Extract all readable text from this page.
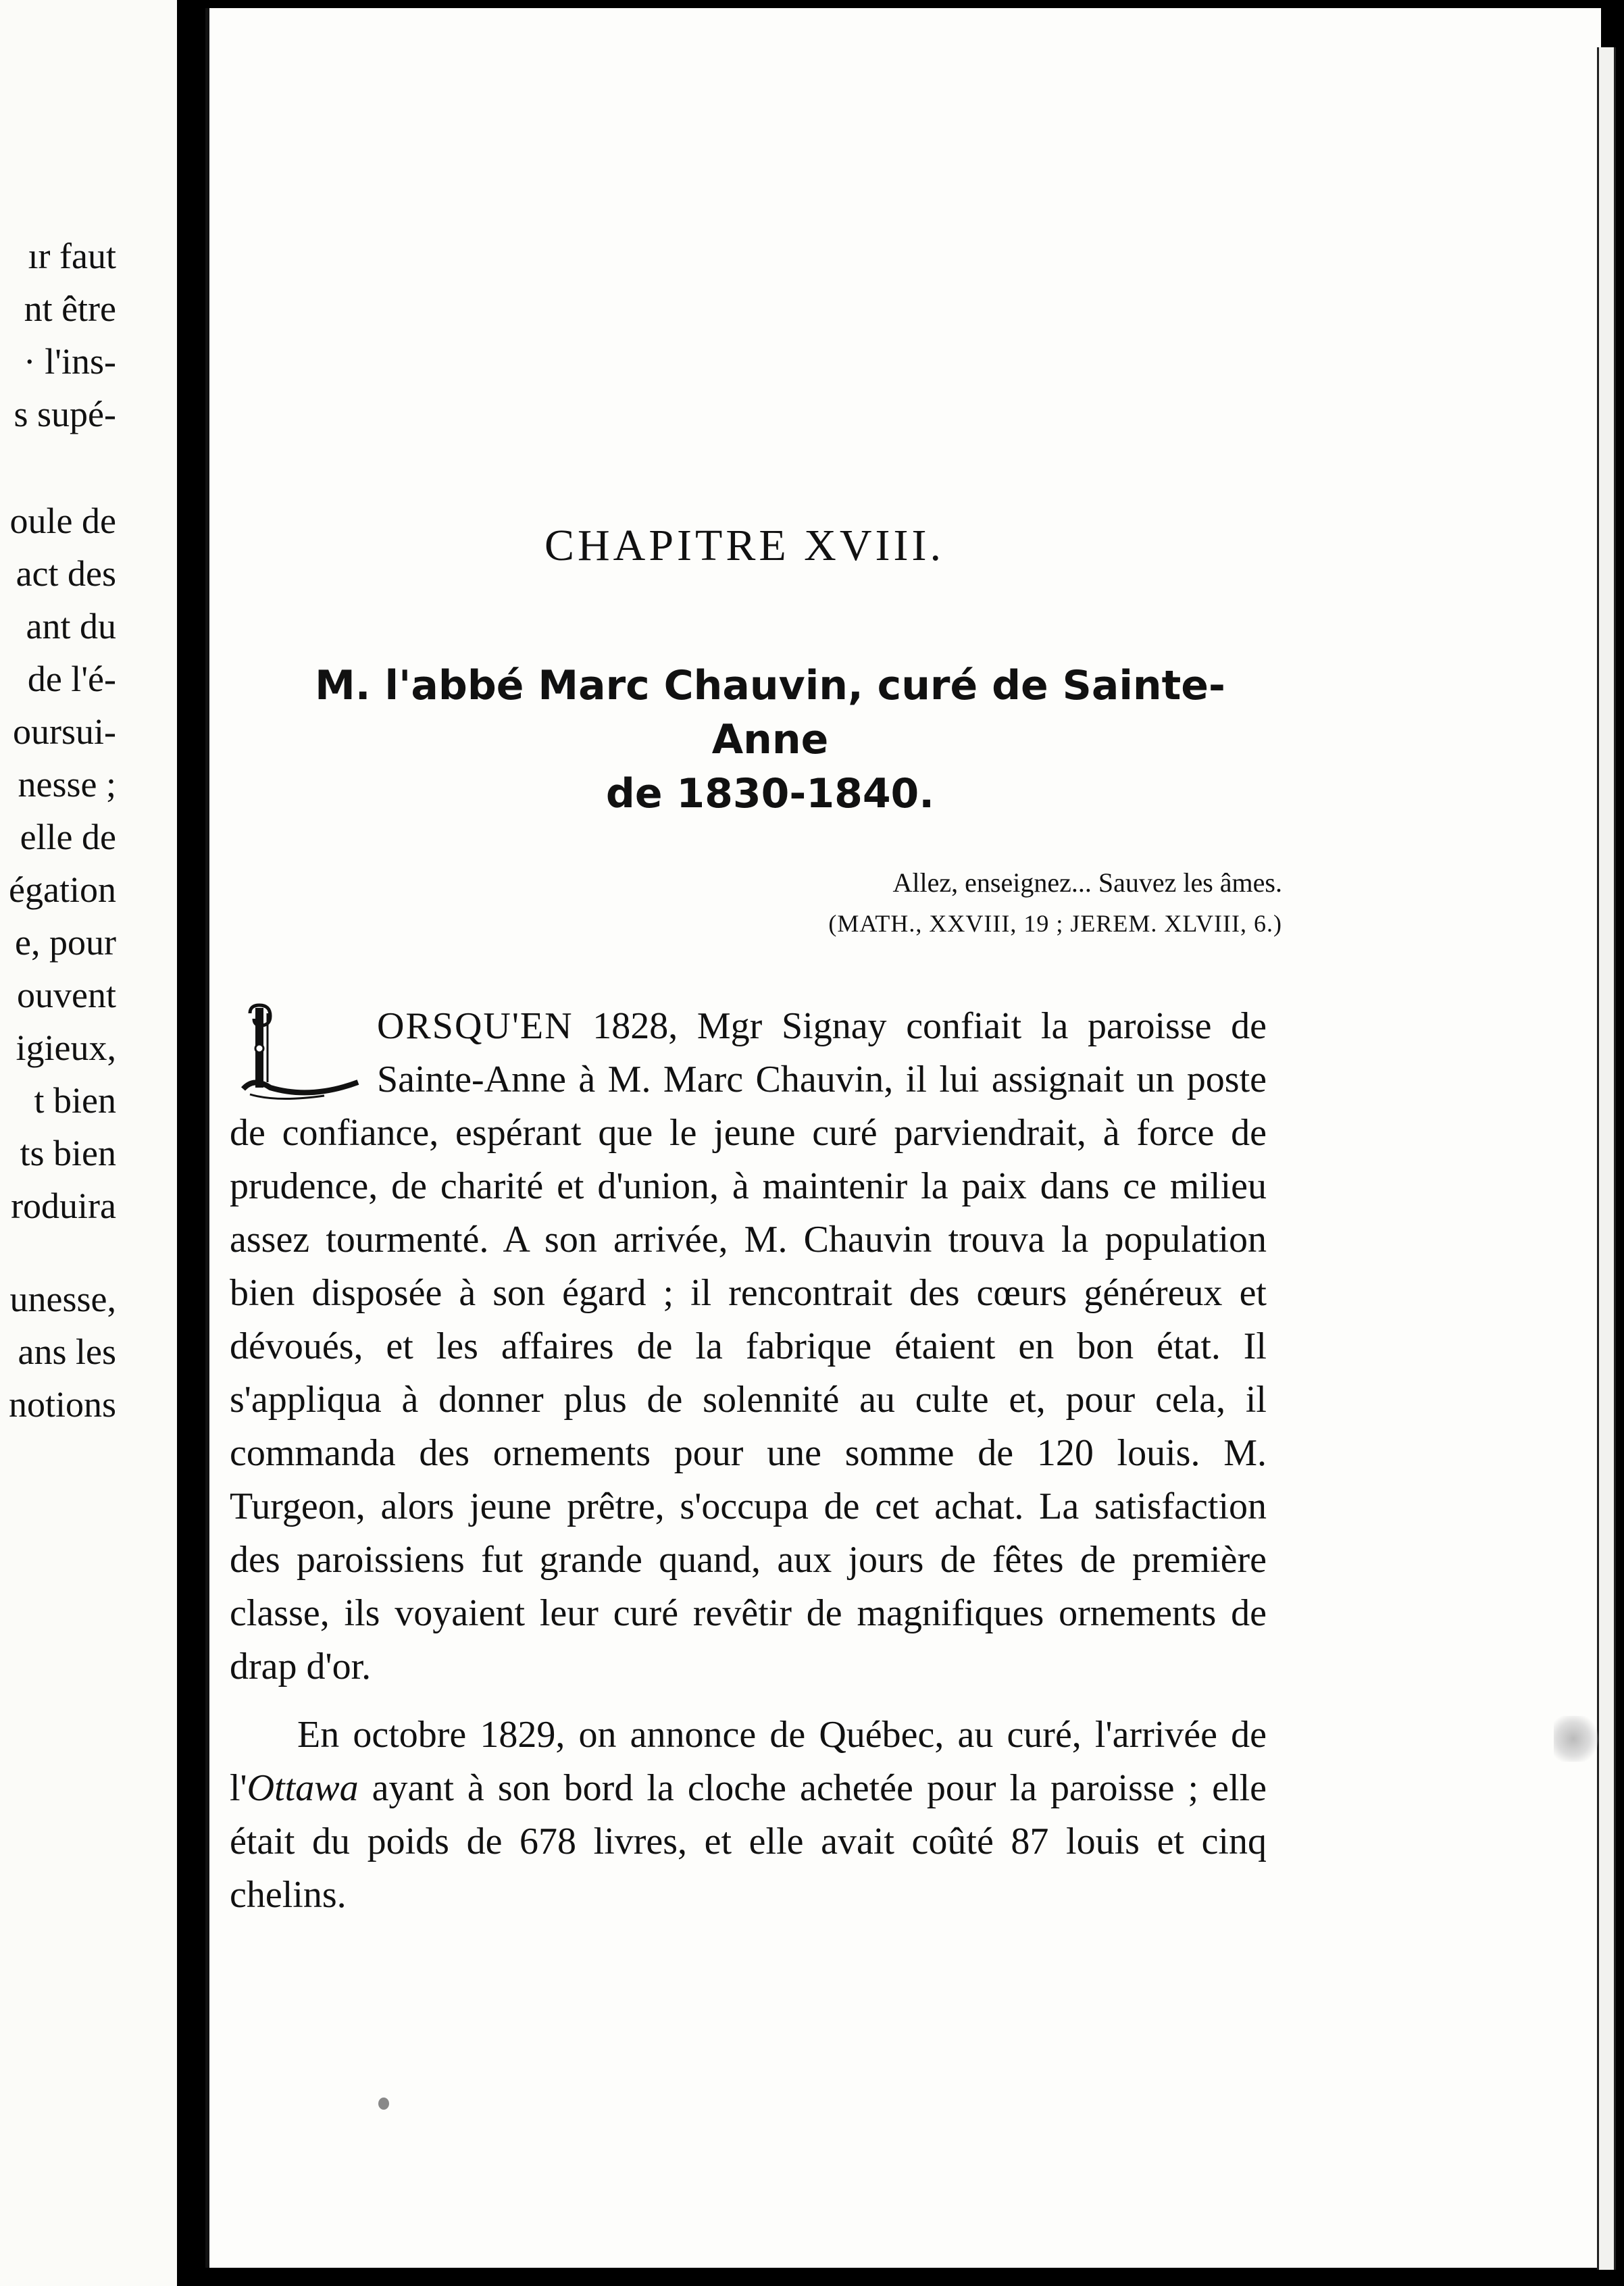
ır faut
nt être
· l'ins-
s supé-
oule de
act des
ant du
de l'é-
oursui-
nesse ;
elle de
égation
e, pour
ouvent
igieux,
t bien
ts bien
roduira
unesse,
ans les
notions
CHAPITRE XVIII.
M. l'abbé Marc Chauvin, curé de Sainte-Anne
de 1830-1840.
Allez, enseignez... Sauvez les âmes.
(MATH., XXVIII, 19 ; JEREM. XLVIII, 6.)

ORSQU'EN 1828, Mgr Signay confiait la paroisse de Sainte-Anne à M. Marc Chauvin, il lui assignait un poste de confiance, espérant que le jeune curé parviendrait, à force de prudence, de charité et d'union, à maintenir la paix dans ce milieu assez tourmenté. A son arrivée, M. Chauvin trouva la population bien disposée à son égard ; il rencontrait des cœurs généreux et dévoués, et les affaires de la fabrique étaient en bon état. Il s'appliqua à donner plus de solennité au culte et, pour cela, il commanda des ornements pour une somme de 120 louis. M. Turgeon, alors jeune prêtre, s'occupa de cet achat. La satisfaction des paroissiens fut grande quand, aux jours de fêtes de première classe, ils voyaient leur curé revêtir de magnifiques ornements de drap d'or.

En octobre 1829, on annonce de Québec, au curé, l'arrivée de l'Ottawa ayant à son bord la cloche achetée pour la paroisse ; elle était du poids de 678 livres, et elle avait coûté 87 louis et cinq chelins.
